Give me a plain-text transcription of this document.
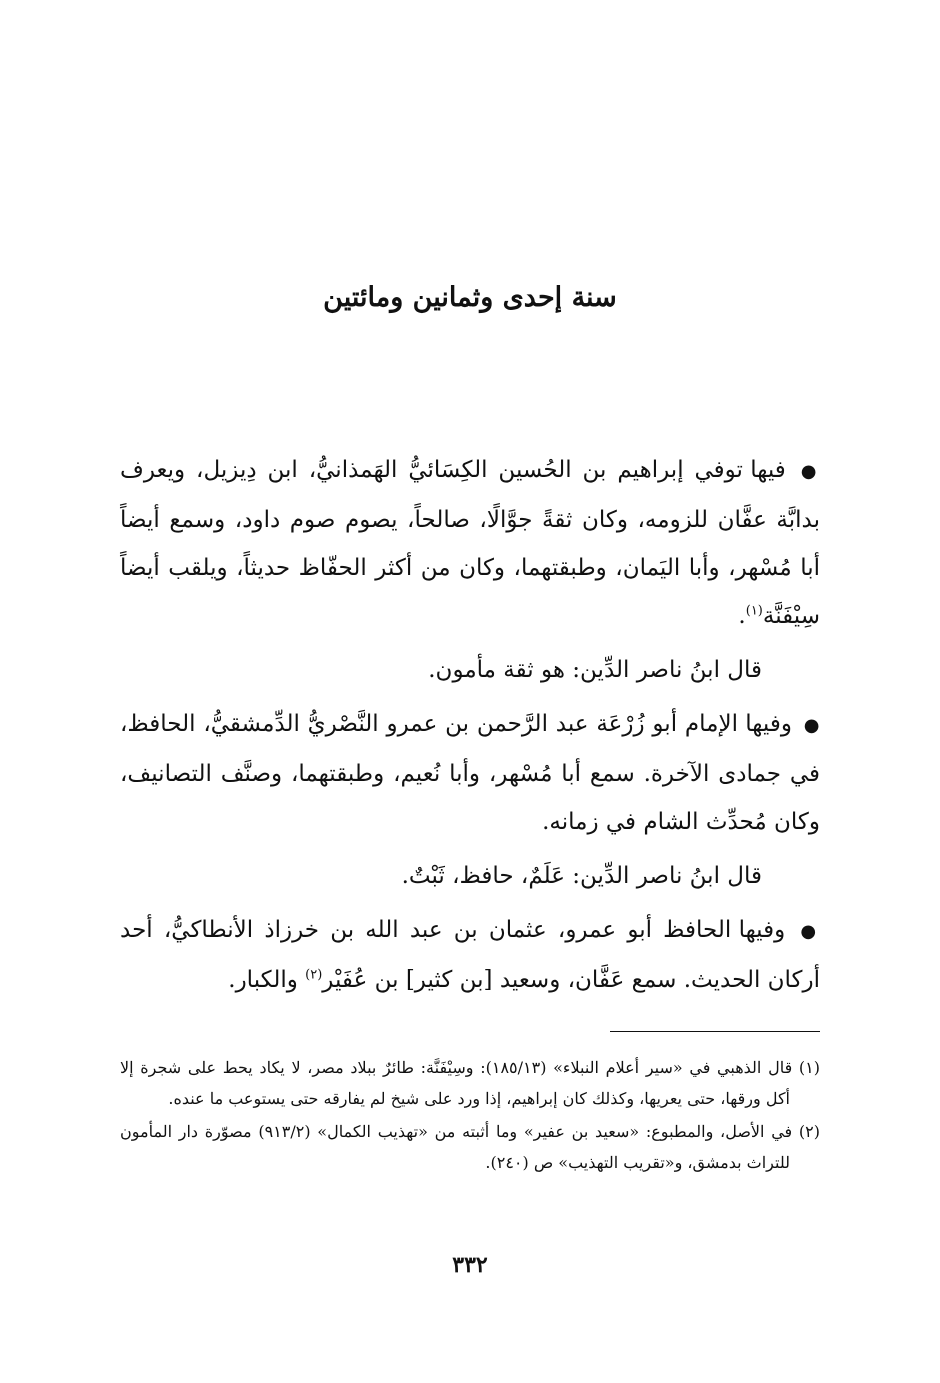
سنة إحدى وثمانين ومائتين

● فيها توفي إبراهيم بن الحُسين الكِسَائيُّ الهَمذانيُّ، ابن دِيزيل، ويعرف بدابَّة عفَّان للزومه، وكان ثقةً جوَّالًا، صالحاً، يصوم صوم داود، وسمع أيضاً أبا مُسْهر، وأبا اليَمان، وطبقتهما، وكان من أكثر الحفّاظ حديثاً، ويلقب أيضاً سِيْفَنَّة$^{(١)}$.

قال ابنُ ناصر الدِّين: هو ثقة مأمون.

● وفيها الإمام أبو زُرْعَة عبد الرَّحمن بن عمرو النَّصْريُّ الدِّمشقيُّ، الحافظ، في جمادى الآخرة. سمع أبا مُسْهر، وأبا نُعيم، وطبقتهما، وصنَّف التصانيف، وكان مُحدِّث الشام في زمانه.

قال ابنُ ناصر الدِّين: عَلَمٌ، حافظ، ثَبْتٌ.

● وفيها الحافظ أبو عمرو، عثمان بن عبد الله بن خرزاذ الأنطاكيُّ، أحد أركان الحديث. سمع عَفَّان، وسعيد [بن كثير] بن عُفَيْر$^{(٢)}$ والكبار.

(١) قال الذهبي في «سير أعلام النبلاء» (١٨٥/١٣): وسِيْفَنَّة: طائرٌ ببلاد مصر، لا يكاد يحط على شجرة إلا أكل ورقها، حتى يعريها، وكذلك كان إبراهيم، إذا ورد على شيخ لم يفارقه حتى يستوعب ما عنده.

(٢) في الأصل، والمطبوع: «سعيد بن عفير» وما أثبته من «تهذيب الكمال» (٩١٣/٢) مصوّرة دار المأمون للتراث بدمشق، و«تقريب التهذيب» ص (٢٤٠).

٣٣٢
